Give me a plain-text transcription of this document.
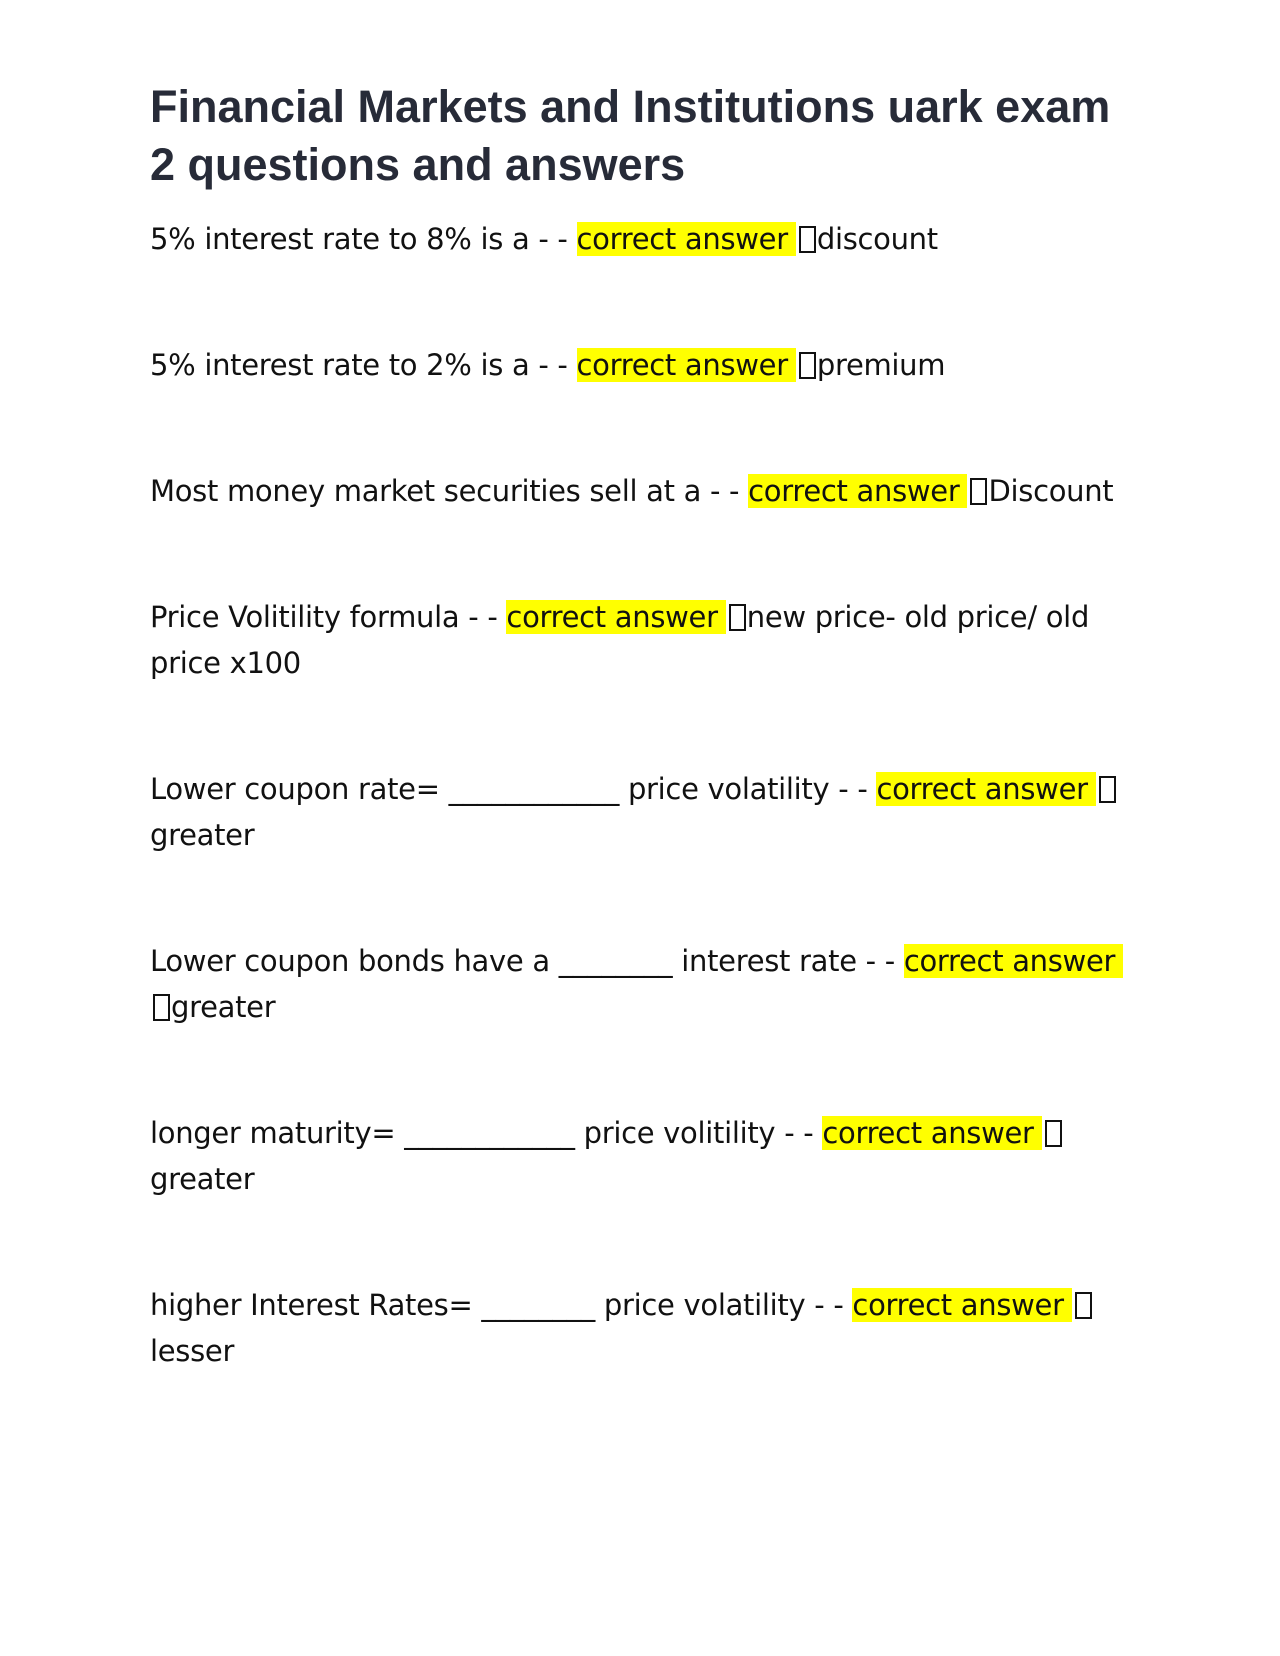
Financial Markets and Institutions uark exam 2 questions and answers

5% interest rate to 8% is a - - correct answer discount

5% interest rate to 2% is a - - correct answer premium

Most money market securities sell at a - - correct answer Discount

Price Volitility formula - - correct answer new price- old price/ old price x100

Lower coupon rate= ____________ price volatility - - correct answergreater

Lower coupon bonds have a ________ interest rate - - correct answergreater

longer maturity= ____________ price volitility - - correct answergreater

higher Interest Rates= ________ price volatility - - correct answerlesser
